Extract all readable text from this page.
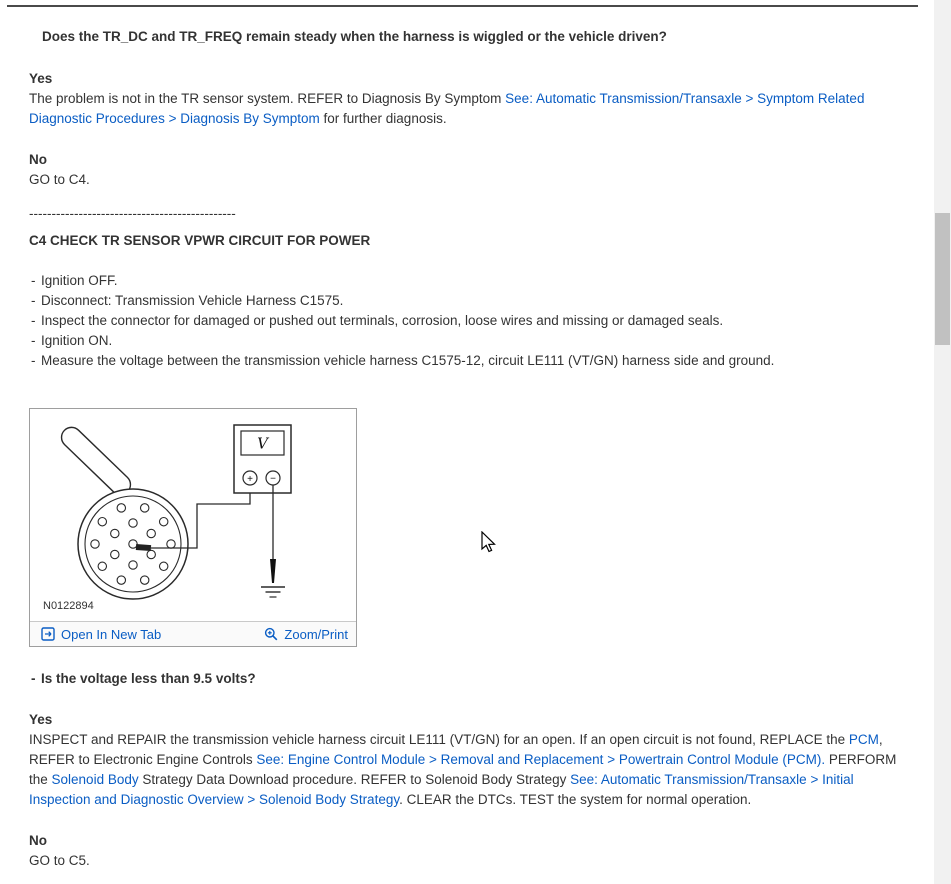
Does the TR_DC and TR_FREQ remain steady when the harness is wiggled or the vehicle driven?
Yes

The problem is not in the TR sensor system. REFER to Diagnosis By Symptom See: Automatic Transmission/Transaxle > Symptom Related Diagnostic Procedures > Diagnosis By Symptom for further diagnosis.

No

GO to C4.

----------------------------------------------
C4 CHECK TR SENSOR VPWR CIRCUIT FOR POWER
- Ignition OFF.
- Disconnect: Transmission Vehicle Harness C1575.
- Inspect the connector for damaged or pushed out terminals, corrosion, loose wires and missing or damaged seals.
- Ignition ON.
- Measure the voltage between the transmission vehicle harness C1575-12, circuit LE111 (VT/GN) harness side and ground.
V
+ −
N0122894
Open In New Tab	Zoom/Print
- Is the voltage less than 9.5 volts?
Yes

INSPECT and REPAIR the transmission vehicle harness circuit LE111 (VT/GN) for an open. If an open circuit is not found, REPLACE the PCM, REFER to Electronic Engine Controls See: Engine Control Module > Removal and Replacement > Powertrain Control Module (PCM). PERFORM the Solenoid Body Strategy Data Download procedure. REFER to Solenoid Body Strategy See: Automatic Transmission/Transaxle > Initial Inspection and Diagnostic Overview > Solenoid Body Strategy. CLEAR the DTCs. TEST the system for normal operation.

No

GO to C5.
